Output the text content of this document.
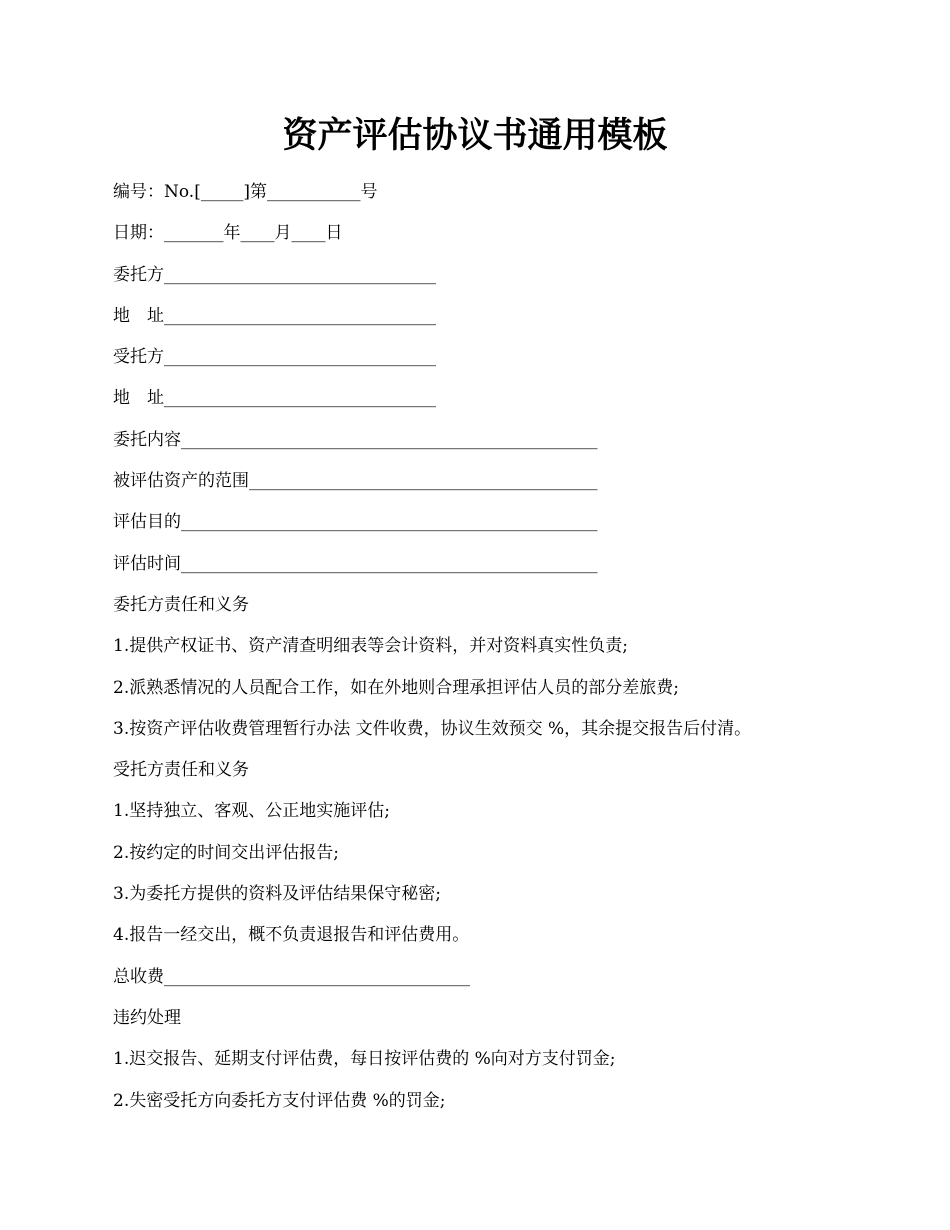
资产评估协议书通用模板
编号：No.[_____]第___________号
日期：_______年____月____日
委托方________________________________
地　址________________________________
受托方________________________________
地　址________________________________
委托内容_________________________________________________
被评估资产的范围_________________________________________
评估目的_________________________________________________
评估时间_________________________________________________
委托方责任和义务
1.提供产权证书、资产清查明细表等会计资料，并对资料真实性负责;
2.派熟悉情况的人员配合工作，如在外地则合理承担评估人员的部分差旅费;
3.按资产评估收费管理暂行办法 文件收费，协议生效预交 %，其余提交报告后付清。
受托方责任和义务
1.坚持独立、客观、公正地实施评估;
2.按约定的时间交出评估报告;
3.为委托方提供的资料及评估结果保守秘密;
4.报告一经交出，概不负责退报告和评估费用。
总收费____________________________________
违约处理
1.迟交报告、延期支付评估费，每日按评估费的 %向对方支付罚金;
2.失密受托方向委托方支付评估费 %的罚金;
